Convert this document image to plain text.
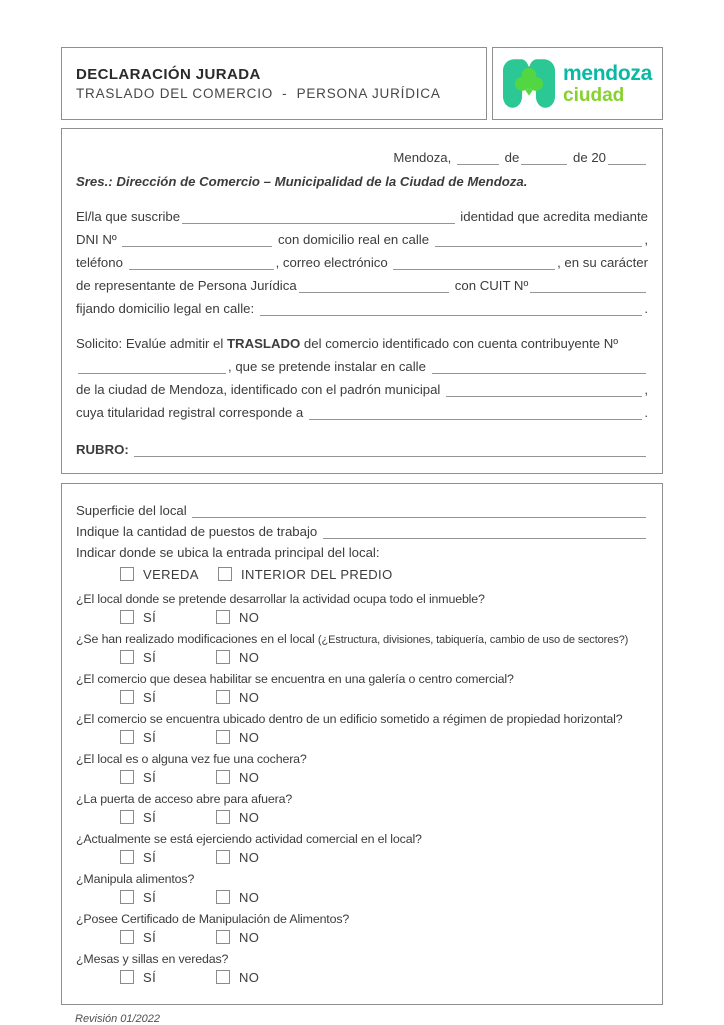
DECLARACIÓN JURADA
TRASLADO DEL COMERCIO  -  PERSONA JURÍDICA
mendoza
ciudad
Mendoza,	de	de 20
Sres.: Dirección de Comercio – Municipalidad de la Ciudad de Mendoza.
El/la que suscribe	identidad que acredita mediante
DNI Nº	con domicilio real en calle	,
teléfono	, correo electrónico	, en su carácter
de representante de Persona Jurídica	con CUIT Nº
fijando domicilio legal en calle:	.
Solicito: Evalúe admitir el TRASLADO del comercio identificado con cuenta contribuyente Nº
, que se pretende instalar en calle
de la ciudad de Mendoza, identificado con el padrón municipal	,
cuya titularidad registral corresponde a	.
RUBRO:
Superficie del local
Indique la cantidad de puestos de trabajo
Indicar donde se ubica la entrada principal del local:
VEREDA	INTERIOR DEL PREDIO
¿El local donde se pretende desarrollar la actividad ocupa todo el inmueble?
SÍ	NO
¿Se han realizado modificaciones en el local (¿Estructura, divisiones, tabiquería, cambio de uso de sectores?)
SÍ	NO
¿El comercio que desea habilitar se encuentra en una galería o centro comercial?
SÍ	NO
¿El comercio se encuentra ubicado dentro de un edificio sometido a régimen de propiedad horizontal?
SÍ	NO
¿El local es o alguna vez fue una cochera?
SÍ	NO
¿La puerta de acceso abre para afuera?
SÍ	NO
¿Actualmente se está ejerciendo actividad comercial en el local?
SÍ	NO
¿Manipula alimentos?
SÍ	NO
¿Posee Certificado de Manipulación de Alimentos?
SÍ	NO
¿Mesas y sillas en veredas?
SÍ	NO
Revisión 01/2022
